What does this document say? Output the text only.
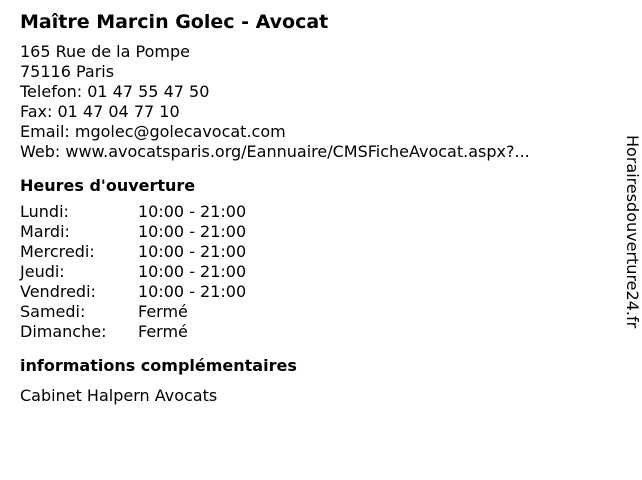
Maître Marcin Golec - Avocat
165 Rue de la Pompe
75116 Paris
Telefon: 01 47 55 47 50
Fax: 01 47 04 77 10
Email: mgolec@golecavocat.com
Web: www.avocatsparis.org/Eannuaire/CMSFicheAvocat.aspx?...
Heures d'ouverture
Lundi:	10:00 - 21:00
Mardi:	10:00 - 21:00
Mercredi:	10:00 - 21:00
Jeudi:	10:00 - 21:00
Vendredi:	10:00 - 21:00
Samedi:	Fermé
Dimanche:	Fermé
informations complémentaires
Cabinet Halpern Avocats
Horairesdouverture24.fr
